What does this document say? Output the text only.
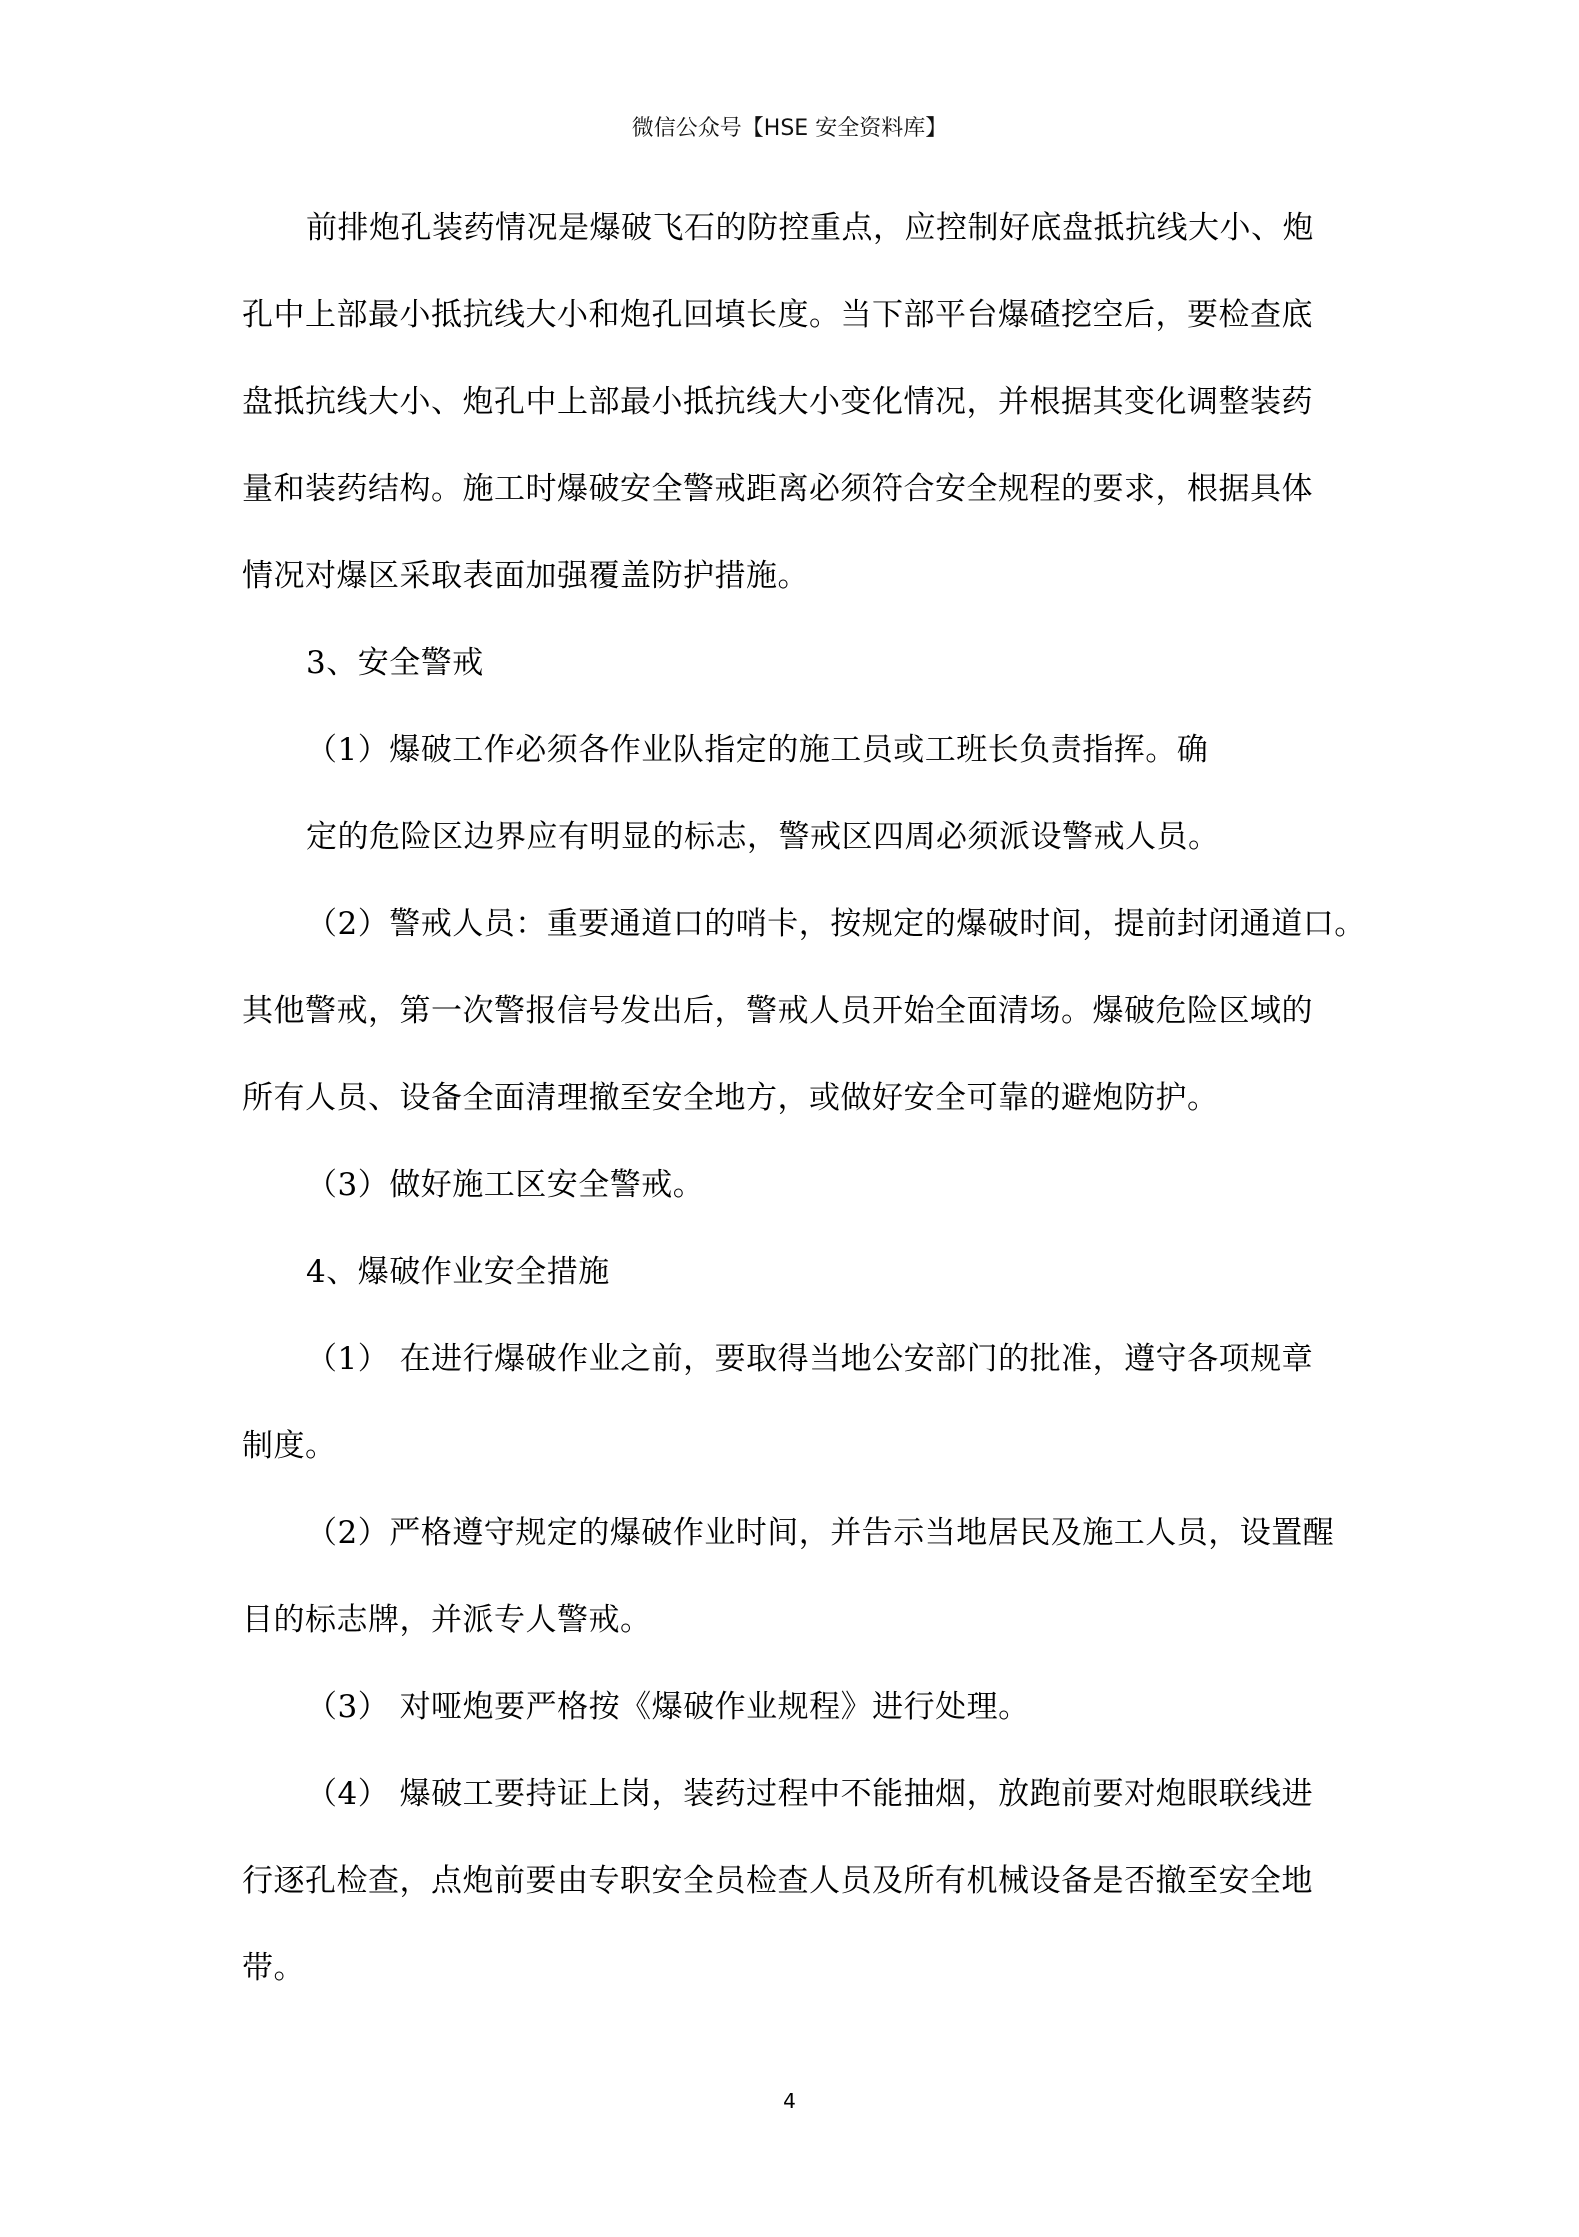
微信公众号【HSE 安全资料库】
前排炮孔装药情况是爆破飞石的防控重点，应控制好底盘抵抗线大小、炮
孔中上部最小抵抗线大小和炮孔回填长度。当下部平台爆碴挖空后，要检查底
盘抵抗线大小、炮孔中上部最小抵抗线大小变化情况，并根据其变化调整装药
量和装药结构。施工时爆破安全警戒距离必须符合安全规程的要求，根据具体
情况对爆区采取表面加强覆盖防护措施。
3、安全警戒
（1）爆破工作必须各作业队指定的施工员或工班长负责指挥。确
定的危险区边界应有明显的标志，警戒区四周必须派设警戒人员。
（2）警戒人员：重要通道口的哨卡，按规定的爆破时间，提前封闭通道口。
其他警戒，第一次警报信号发出后，警戒人员开始全面清场。爆破危险区域的
所有人员、设备全面清理撤至安全地方，或做好安全可靠的避炮防护。
（3）做好施工区安全警戒。
4、爆破作业安全措施
（1） 在进行爆破作业之前，要取得当地公安部门的批准，遵守各项规章
制度。
（2）严格遵守规定的爆破作业时间，并告示当地居民及施工人员，设置醒
目的标志牌，并派专人警戒。
（3） 对哑炮要严格按《爆破作业规程》进行处理。
（4） 爆破工要持证上岗，装药过程中不能抽烟，放跑前要对炮眼联线进
行逐孔检查，点炮前要由专职安全员检查人员及所有机械设备是否撤至安全地
带。
4
